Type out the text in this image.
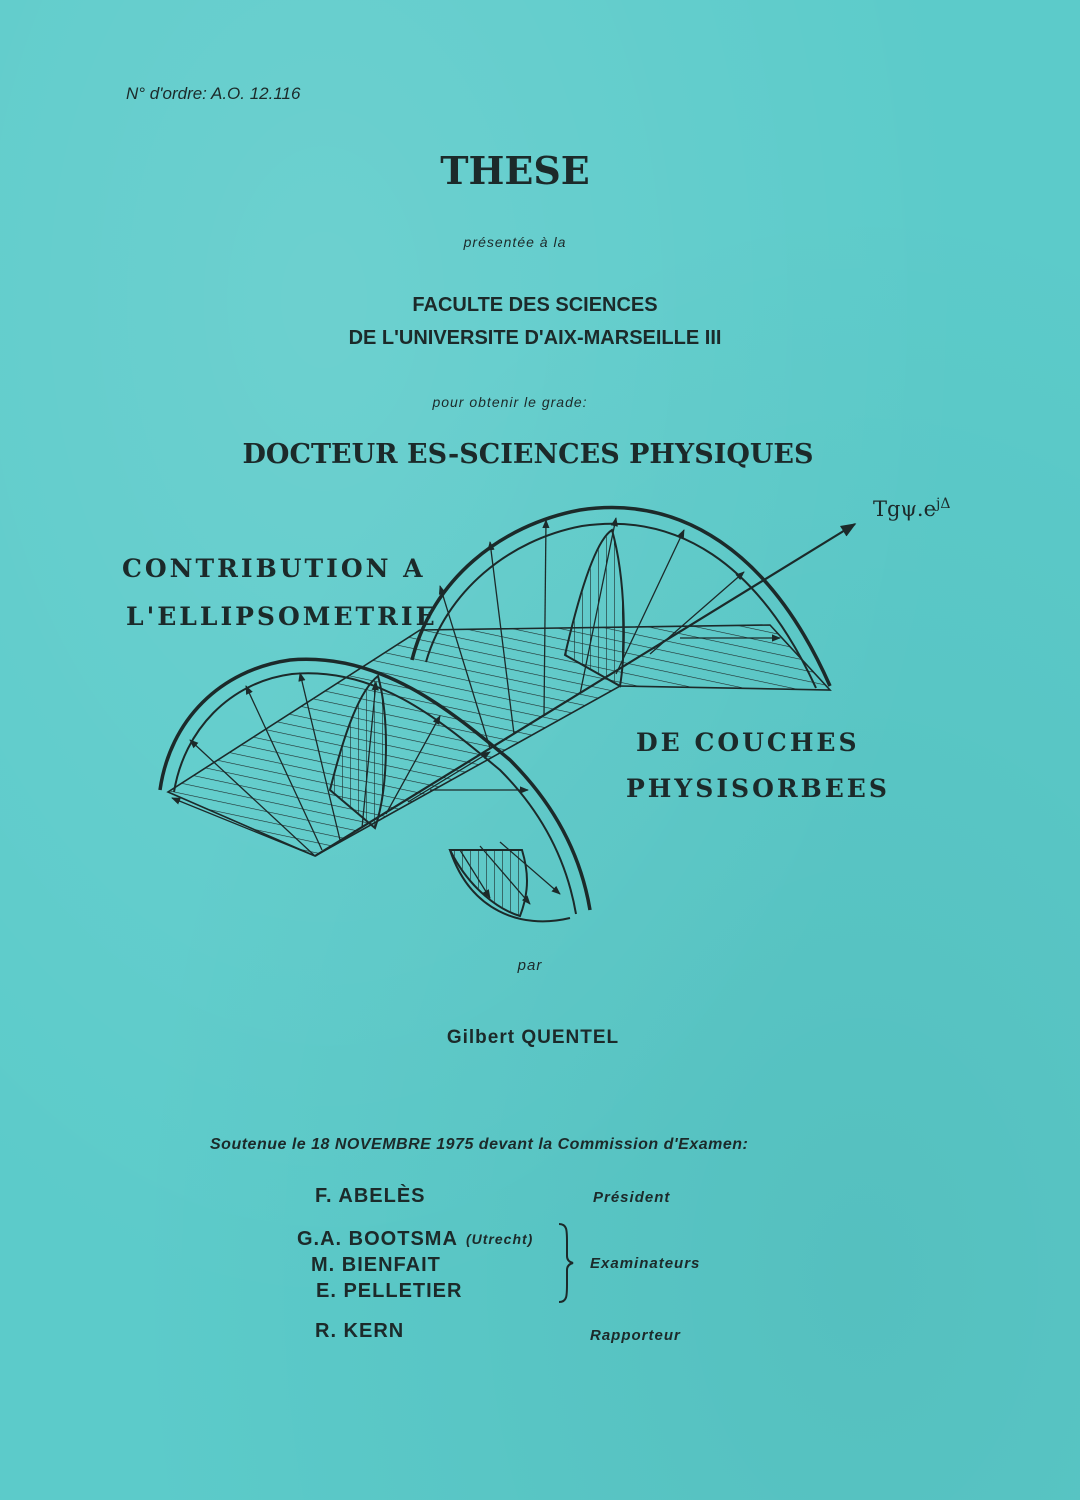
N° d'ordre: A.O. 12.116

THESE

présentée à la

FACULTE DES SCIENCES

DE L'UNIVERSITE D'AIX-MARSEILLE III

pour obtenir le grade:

DOCTEUR ES-SCIENCES PHYSIQUES

$Tg\psi.e^{j\Delta}$

CONTRIBUTION A

L'ELLIPSOMETRIE

DE COUCHES

PHYSISORBEES

par

Gilbert QUENTEL

Soutenue le 18 NOVEMBRE 1975 devant la Commission d'Examen:

F. ABELÈS

G.A. BOOTSMA (Utrecht)

M. BIENFAIT

E. PELLETIER

R. KERN

Président

Examinateurs

Rapporteur
